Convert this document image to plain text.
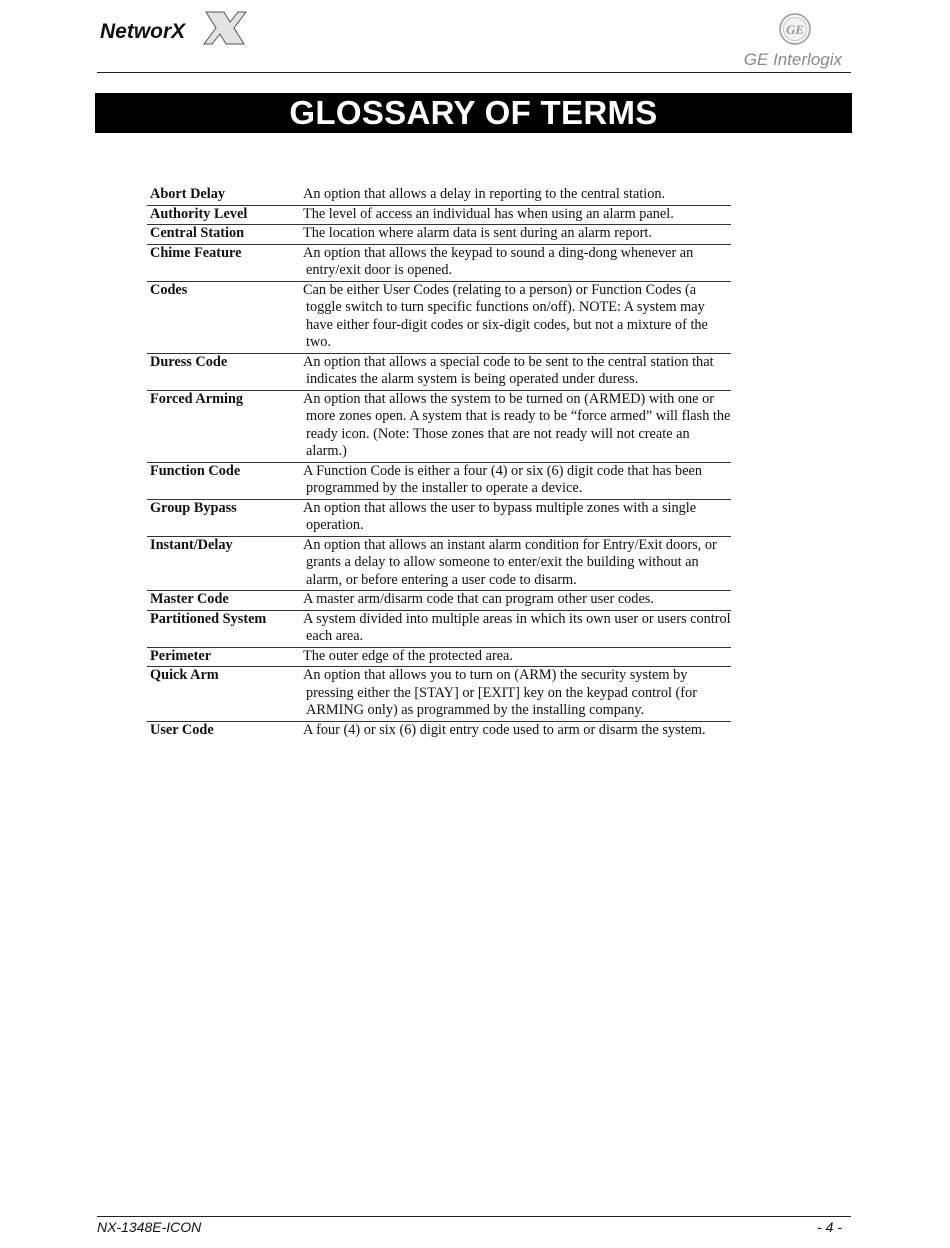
NetworX	GE
GE Interlogix
GLOSSARY OF TERMS
Abort Delay	An option that allows a delay in reporting to the central station.

Authority Level	The level of access an individual has when using an alarm panel.

Central Station	The location where alarm data is sent during an alarm report.

Chime Feature	An option that allows the keypad to sound a ding-dong whenever an entry/exit door is opened.

Codes	Can be either User Codes (relating to a person) or Function Codes (a toggle switch to turn specific functions on/off). NOTE: A system may have either four-digit codes or six-digit codes, but not a mixture of the two.

Duress Code	An option that allows a special code to be sent to the central station that indicates the alarm system is being operated under duress.

Forced Arming	An option that allows the system to be turned on (ARMED) with one or more zones open. A system that is ready to be “force armed” will flash the ready icon. (Note: Those zones that are not ready will not create an alarm.)

Function Code	A Function Code is either a four (4) or six (6) digit code that has been programmed by the installer to operate a device.

Group Bypass	An option that allows the user to bypass multiple zones with a single operation.

Instant/Delay	An option that allows an instant alarm condition for Entry/Exit doors, or grants a delay to allow someone to enter/exit the building without an alarm, or before entering a user code to disarm.

Master Code	A master arm/disarm code that can program other user codes.

Partitioned System	A system divided into multiple areas in which its own user or users control each area.

Perimeter	The outer edge of the protected area.

Quick Arm	An option that allows you to turn on (ARM) the security system by pressing either the [STAY] or [EXIT] key on the keypad control (for ARMING only) as programmed by the installing company.

User Code	A four (4) or six (6) digit entry code used to arm or disarm the system.
NX-1348E-ICON	- 4 -
